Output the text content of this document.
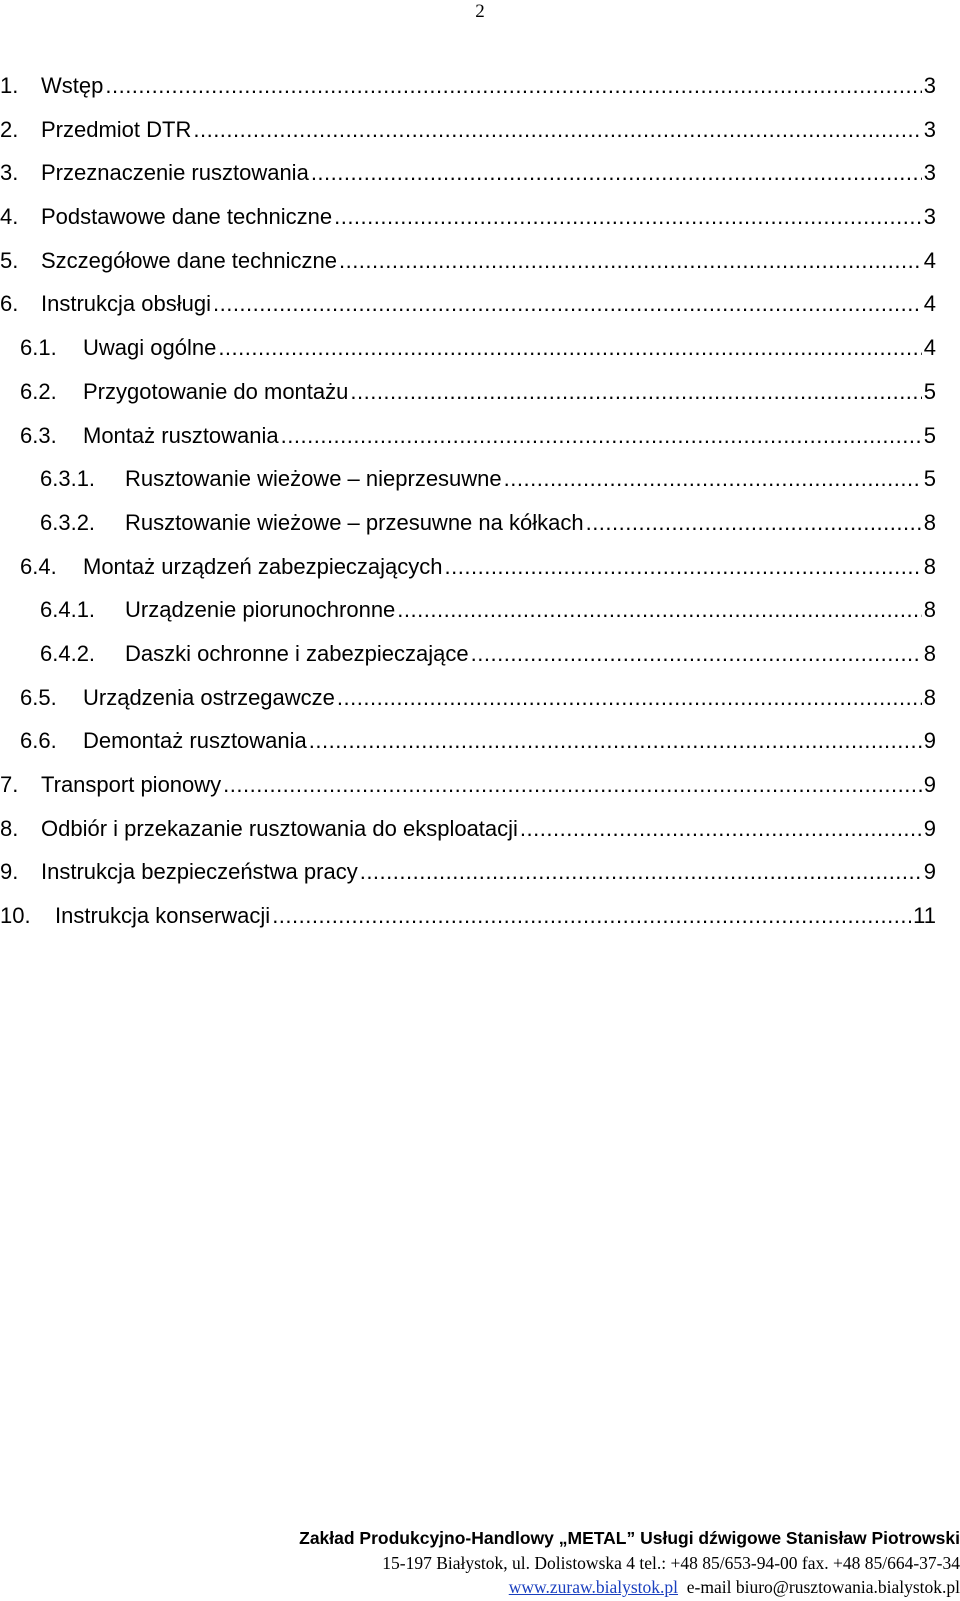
2
1. Wstęp .....	3
2. Przedmiot DTR .....	3
3. Przeznaczenie rusztowania .....	3
4. Podstawowe dane techniczne .....	3
5. Szczegółowe dane techniczne .....	4
6. Instrukcja obsługi .....	4
6.1. Uwagi ogólne .....	4
6.2. Przygotowanie do montażu .....	5
6.3. Montaż rusztowania .....	5
6.3.1. Rusztowanie wieżowe – nieprzesuwne .....	5
6.3.2. Rusztowanie wieżowe – przesuwne na kółkach .....	8
6.4. Montaż urządzeń zabezpieczających .....	8
6.4.1. Urządzenie piorunochronne .....	8
6.4.2. Daszki ochronne i zabezpieczające .....	8
6.5. Urządzenia ostrzegawcze .....	8
6.6. Demontaż rusztowania .....	9
7. Transport pionowy .....	9
8. Odbiór i przekazanie rusztowania do eksploatacji .....	9
9. Instrukcja bezpieczeństwa pracy .....	9
10. Instrukcja konserwacji .....	11
Zakład Produkcyjno-Handlowy „METAL” Usługi dźwigowe Stanisław Piotrowski
15-197 Białystok, ul. Dolistowska 4 tel.: +48 85/653-94-00 fax. +48 85/664-37-34
www.zuraw.bialystok.pl e-mail biuro@rusztowania.bialystok.pl
